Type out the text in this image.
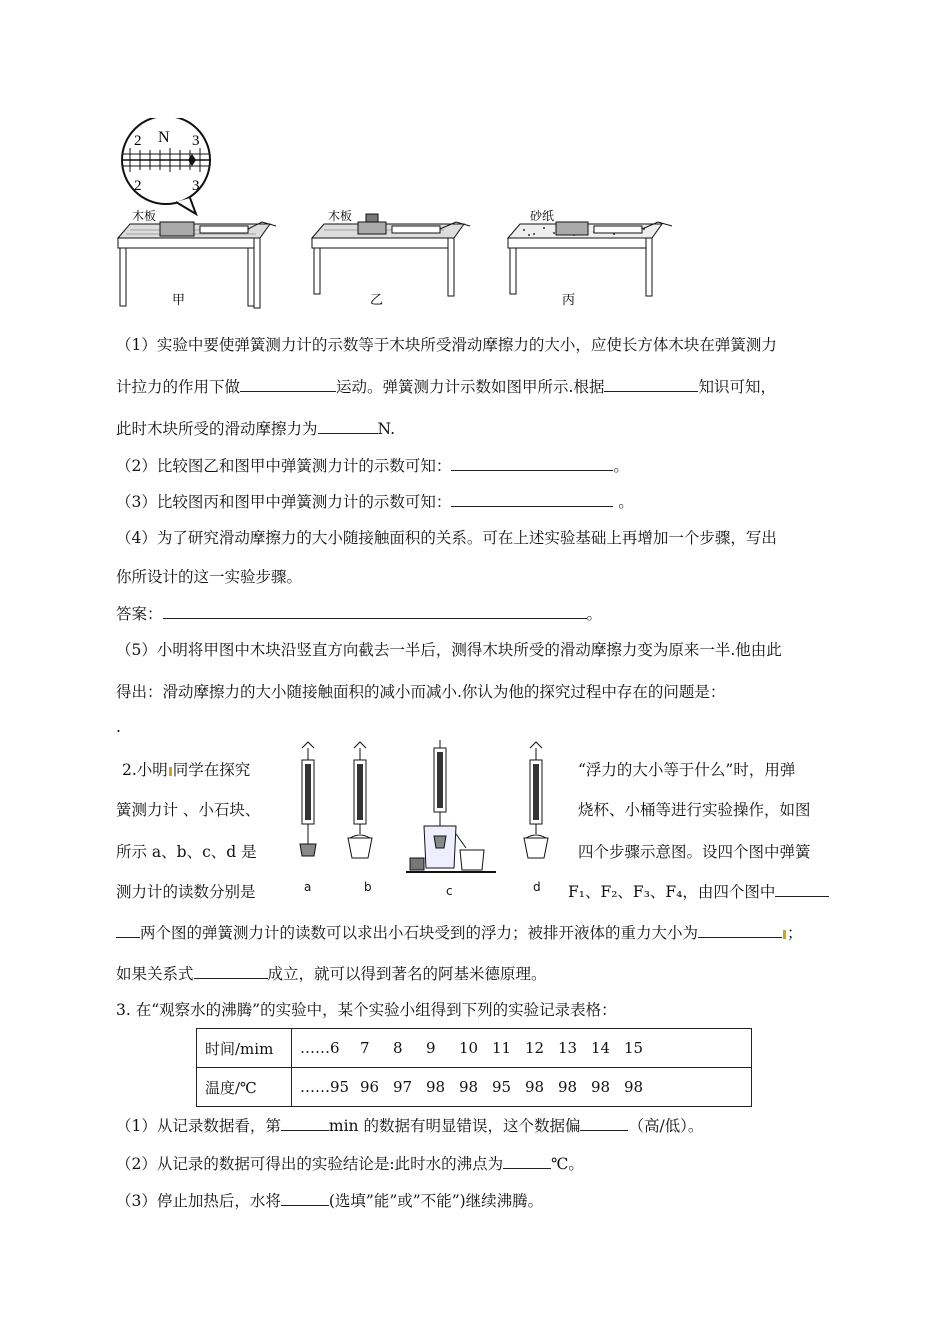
N
2	3
2	3
木板
甲
木板
乙
砂纸
丙
（1）实验中要使弹簧测力计的示数等于木块所受滑动摩擦力的大小，应使长方体木块在弹簧测力
计拉力的作用下做	运动。弹簧测力计示数如图甲所示.根据	知识可知，
此时木块所受的滑动摩擦力为	N.
（2）比较图乙和图甲中弹簧测力计的示数可知：	。
（3）比较图丙和图甲中弹簧测力计的示数可知：	。
（4）为了研究滑动摩擦力的大小随接触面积的关系。可在上述实验基础上再增加一个步骤，写出
你所设计的这一实验步骤。
答案：	。
（5）小明将甲图中木块沿竖直方向截去一半后，测得木块所受的滑动摩擦力变为原来一半.他由此
得出：滑动摩擦力的大小随接触面积的减小而减小.你认为他的探究过程中存在的问题是：
.
2.小明 同学在探究	“浮力的大小等于什么”时，用弹
簧测力计 、小石块、	烧杯、小桶等进行实验操作，如图
所示 a、b、c、d 是	四个步骤示意图。设四个图中弹簧
测力计的读数分别是	F₁、F₂、F₃、F₄，由四个图中
两个图的弹簧测力计的读数可以求出小石块受到的浮力；被排开液体的重力大小为	；
如果关系式	成立，就可以得到著名的阿基米德原理。
a	b	c	d
3. 在“观察水的沸腾”的实验中，某个实验小组得到下列的实验记录表格：
时间/mim	……6 7 8 9 10 11 12 13 14 15
温度/℃	……95 96 97 98 98 95 98 98 98 98
（1）从记录数据看，第	min 的数据有明显错误，这个数据偏	（高/低）。
（2）从记录的数据可得出的实验结论是:此时水的沸点为	℃。
（3）停止加热后，水将	(选填”能”或”不能”)继续沸腾。
